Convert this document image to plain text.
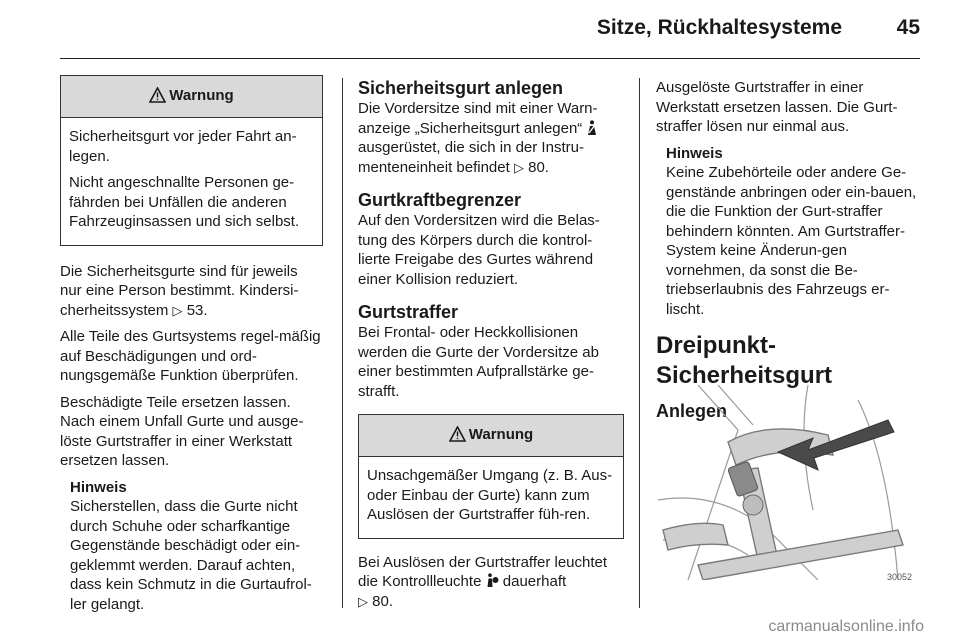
Sitze, Rückhaltesysteme	45
Warnung

Sicherheitsgurt vor jeder Fahrt an-legen.

Nicht angeschnallte Personen ge-fährden bei Unfällen die anderen Fahrzeuginsassen und sich selbst.

Die Sicherheitsgurte sind für jeweils nur eine Person bestimmt. Kindersi-cherheitssystem ▷ 53.

Alle Teile des Gurtsystems regel-mäßig auf Beschädigungen und ord-nungsgemäße Funktion überprüfen.

Beschädigte Teile ersetzen lassen. Nach einem Unfall Gurte und ausge-löste Gurtstraffer in einer Werkstatt ersetzen lassen.

Hinweis
Sicherstellen, dass die Gurte nicht durch Schuhe oder scharfkantige Gegenstände beschädigt oder ein-geklemmt werden. Darauf achten, dass kein Schmutz in die Gurtaufrol-ler gelangt.
Sicherheitsgurt anlegen

Die Vordersitze sind mit einer Warn-anzeige „Sicherheitsgurt anlegen“  ausgerüstet, die sich in der Instru-menteneinheit befindet ▷ 80.

Gurtkraftbegrenzer

Auf den Vordersitzen wird die Belas-tung des Körpers durch die kontrol-lierte Freigabe des Gurtes während einer Kollision reduziert.

Gurtstraffer

Bei Frontal- oder Heckkollisionen werden die Gurte der Vordersitze ab einer bestimmten Aufprallstärke ge-strafft.

Warnung

Unsachgemäßer Umgang (z. B. Aus- oder Einbau der Gurte) kann zum Auslösen der Gurtstraffer füh-ren.

Bei Auslösen der Gurtstraffer leuchtet die Kontrollleuchte dauerhaft
▷ 80.

Ausgelöste Gurtstraffer in einer Werkstatt ersetzen lassen. Die Gurt-straffer lösen nur einmal aus.

Hinweis
Keine Zubehörteile oder andere Ge-genstände anbringen oder ein-bauen, die die Funktion der Gurt-straffer behindern könnten. Am Gurtstraffer-System keine Änderun-gen vornehmen, da sonst die Be-triebserlaubnis des Fahrzeugs er-lischt.
Dreipunkt-Sicherheitsgurt
Anlegen
30052
carmanualsonline.info
